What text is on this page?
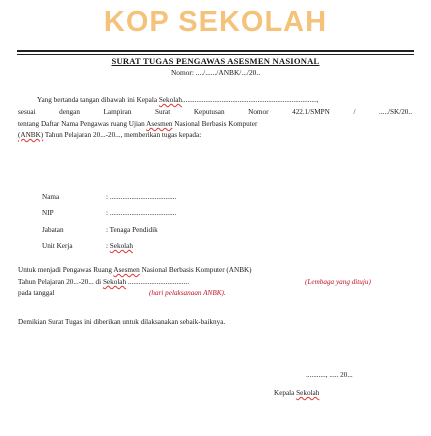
KOP SEKOLAH
SURAT TUGAS PENGAWAS ASESMEN NASIONAL
Nomor: ..../....../ANBK/.../20..
Yang bertanda tangan dibawah ini Kepala Sekolah...........................................................................,
sesuai dengan Lampiran Surat Keputusan Nomor 422.1/SMPN / ...../SK/20..
tentang Daftar Nama Pengawas ruang Ujian Asesmen Nasional Berbasis Komputer
(ANBK) Tahun Pelajaran 20...-20..., memberikan tugas kepada:
Nama	: .....................................
NIP	: .....................................
Jabatan	: Tenaga Pendidik
Unit Kerja	: Sekolah
Untuk menjadi Pengawas Ruang Asesmen Nasional Berbasis Komputer (ANBK)
Tahun Pelajaran 20...-20... di Sekolah ..................................	(Lembaga yang dituju)
pada tanggal	(hari pelaksanaan ANBK).
Demikian Surat Tugas ini diberikan untuk dilaksanakan sebaik-baiknya.
..........., ..... 20...
Kepala Sekolah
